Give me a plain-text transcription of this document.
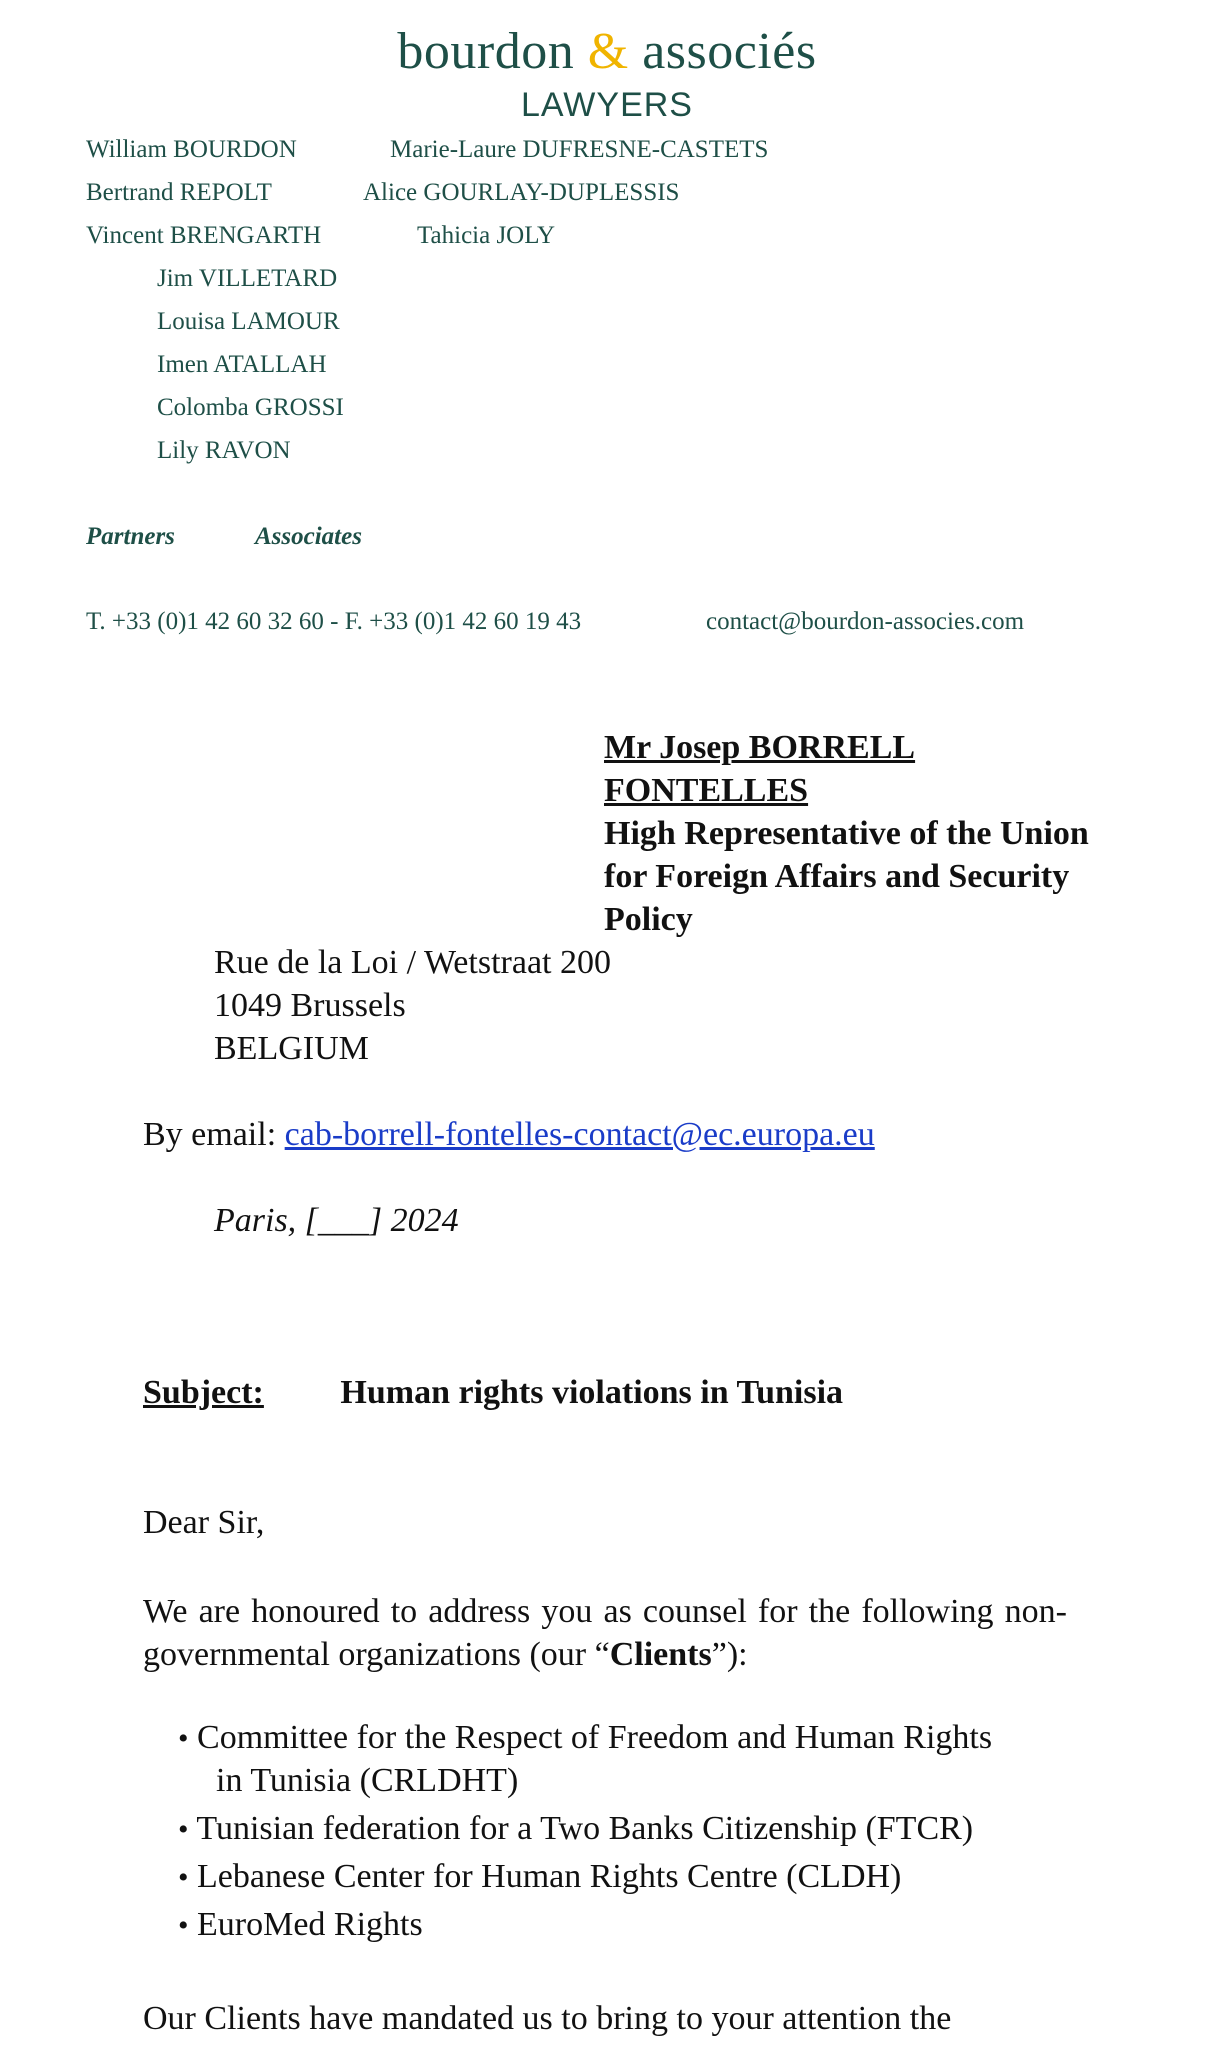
bourdon & associés
LAWYERS
William BOURDON
Bertrand REPOLT
Vincent BRENGARTH
Marie-Laure DUFRESNE-CASTETS
Alice GOURLAY-DUPLESSIS
Tahicia JOLY
Jim VILLETARD
Louisa LAMOUR
Imen ATALLAH
Colomba GROSSI
Lily RAVON
Partners	Associates
T. +33 (0)1 42 60 32 60 - F. +33 (0)1 42 60 19 43	contact@bourdon-associes.com
Mr Josep BORRELL
FONTELLES
High Representative of the Union
for Foreign Affairs and Security
Policy
Rue de la Loi / Wetstraat 200
1049 Brussels
BELGIUM
By email: cab-borrell-fontelles-contact@ec.europa.eu
Paris, [___] 2024
Subject: Human rights violations in Tunisia
Dear Sir,
We are honoured to address you as counsel for the following non-governmental organizations (our “Clients”):
• Committee for the Respect of Freedom and Human Rights
in Tunisia (CRLDHT)
• Tunisian federation for a Two Banks Citizenship (FTCR)
• Lebanese Center for Human Rights Centre (CLDH)
• EuroMed Rights
Our Clients have mandated us to bring to your attention the
